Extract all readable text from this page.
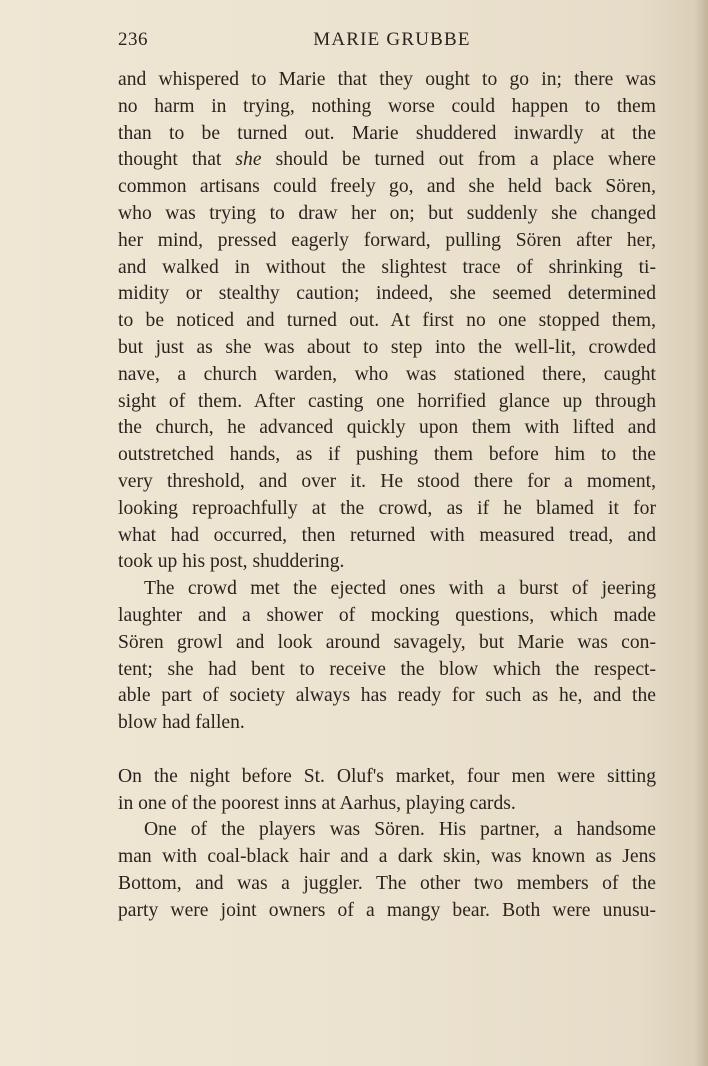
236	MARIE GRUBBE
and whispered to Marie that they ought to go in; there was
no harm in trying, nothing worse could happen to them
than to be turned out. Marie shuddered inwardly at the
thought that she should be turned out from a place where
common artisans could freely go, and she held back Sören,
who was trying to draw her on; but suddenly she changed
her mind, pressed eagerly forward, pulling Sören after her,
and walked in without the slightest trace of shrinking ti-
midity or stealthy caution; indeed, she seemed determined
to be noticed and turned out. At first no one stopped them,
but just as she was about to step into the well-lit, crowded
nave, a church warden, who was stationed there, caught
sight of them. After casting one horrified glance up through
the church, he advanced quickly upon them with lifted and
outstretched hands, as if pushing them before him to the
very threshold, and over it. He stood there for a moment,
looking reproachfully at the crowd, as if he blamed it for
what had occurred, then returned with measured tread, and
took up his post, shuddering.
The crowd met the ejected ones with a burst of jeering
laughter and a shower of mocking questions, which made
Sören growl and look around savagely, but Marie was con-
tent; she had bent to receive the blow which the respect-
able part of society always has ready for such as he, and the
blow had fallen.
On the night before St. Oluf's market, four men were sitting
in one of the poorest inns at Aarhus, playing cards.
One of the players was Sören. His partner, a handsome
man with coal-black hair and a dark skin, was known as Jens
Bottom, and was a juggler. The other two members of the
party were joint owners of a mangy bear. Both were unusu-
